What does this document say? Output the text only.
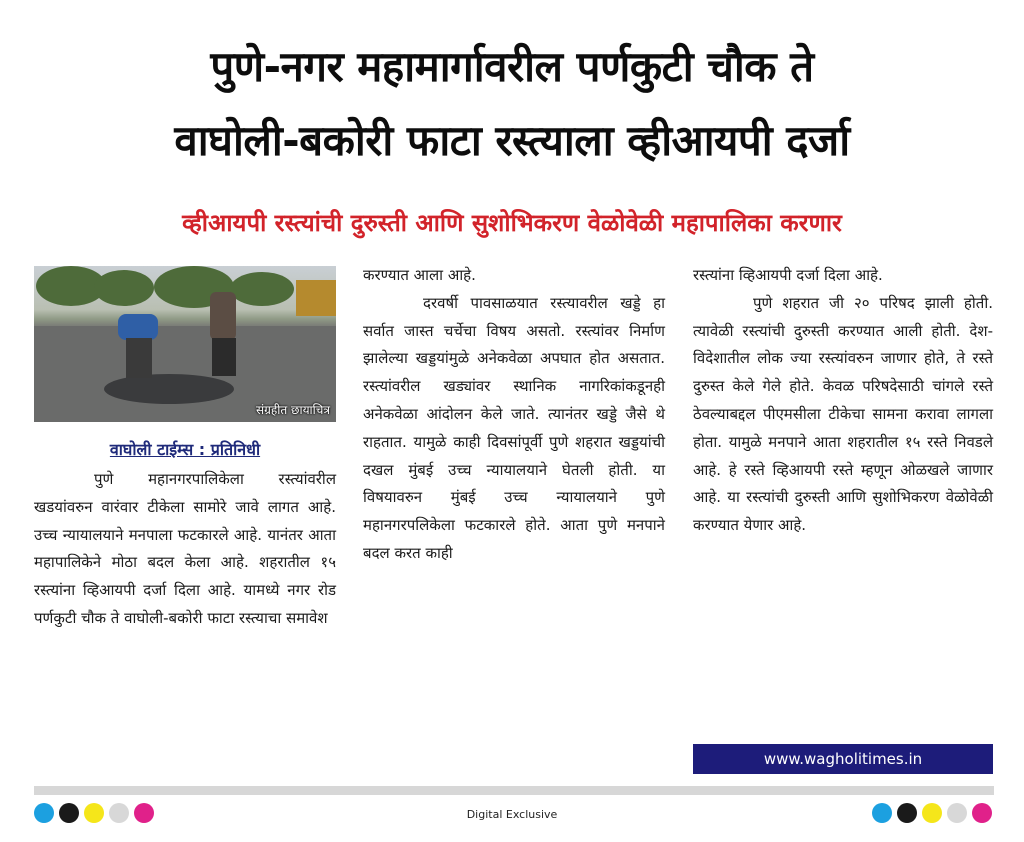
पुणे-नगर महामार्गावरील पर्णकुटी चौक ते
वाघोली-बकोरी फाटा रस्त्याला व्हीआयपी दर्जा
व्हीआयपी रस्त्यांची दुरुस्ती आणि सुशोभिकरण वेळोवेळी महापालिका करणार
संग्रहीत छायाचित्र
वाघोली टाईम्स : प्रतिनिधी

पुणे महानगरपालिकेला रस्त्यांवरील खडयांवरुन वारंवार टीकेला सामोरे जावे लागत आहे. उच्च न्यायालयाने मनपाला फटकारले आहे. यानंतर आता महापालिकेने मोठा बदल केला आहे. शहरातील १५ रस्त्यांना व्हिआयपी दर्जा दिला आहे. यामध्ये नगर रोड पर्णकुटी चौक ते वाघोली-बकोरी फाटा रस्त्याचा समावेश

करण्यात आला आहे.

दरवर्षी पावसाळयात रस्त्यावरील खड्डे हा सर्वात जास्त चर्चेचा विषय असतो. रस्त्यांवर निर्माण झालेल्या खड्डयांमुळे अनेकवेळा अपघात होत असतात. रस्त्यांवरील खड्यांवर स्थानिक नागरिकांकडूनही अनेकवेळा आंदोलन केले जाते. त्यानंतर खड्डे जैसे थे राहतात. यामुळे काही दिवसांपूर्वी पुणे शहरात खड्डयांची दखल मुंबई उच्च न्यायालयाने घेतली होती. या विषयावरुन मुंबई उच्च न्यायालयाने पुणे महानगरपलिकेला फटकारले होते. आता पुणे मनपाने बदल करत काही

रस्त्यांना व्हिआयपी दर्जा दिला आहे.

पुणे शहरात जी २० परिषद झाली होती. त्यावेळी रस्त्यांची दुरुस्ती करण्यात आली होती. देश-विदेशातील लोक ज्या रस्त्यांवरुन जाणार होते, ते रस्ते दुरुस्त केले गेले होते. केवळ परिषदेसाठी चांगले रस्ते ठेवल्याबद्दल पीएमसीला टीकेचा सामना करावा लागला होता. यामुळे मनपाने आता शहरातील १५ रस्ते निवडले आहे. हे रस्ते व्हिआयपी रस्ते म्हणून ओळखले जाणार आहे. या रस्त्यांची दुरुस्ती आणि सुशोभिकरण वेळोवेळी करण्यात येणार आहे.

www.wagholitimes.in
Digital Exclusive
